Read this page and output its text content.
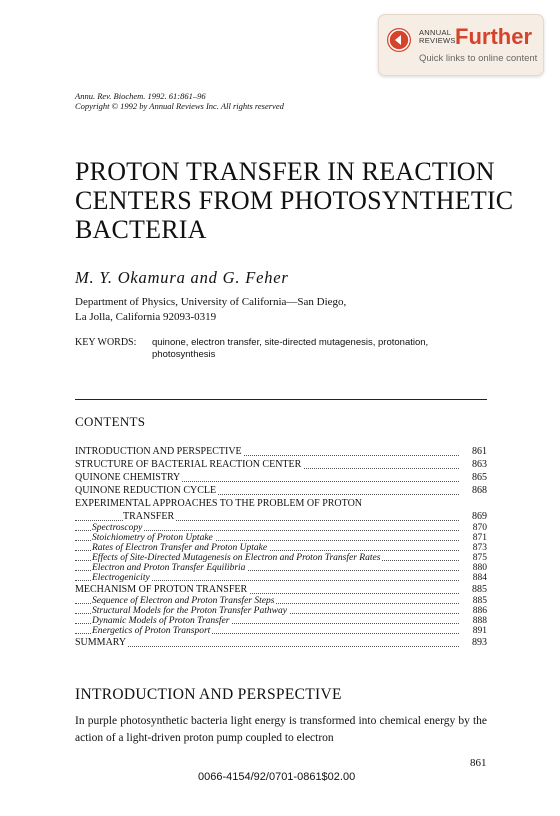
ANNUAL
REVIEWS Further
Quick links to online content
Annu. Rev. Biochem. 1992. 61:861–96
Copyright © 1992 by Annual Reviews Inc. All rights reserved
PROTON TRANSFER IN REACTION
CENTERS FROM PHOTOSYNTHETIC
BACTERIA
M. Y. Okamura and G. Feher
Department of Physics, University of California—San Diego,
La Jolla, California 92093-0319
KEY WORDS: quinone, electron transfer, site-directed mutagenesis, protonation, photosynthesis
CONTENTS
INTRODUCTION AND PERSPECTIVE	861
STRUCTURE OF BACTERIAL REACTION CENTER	863
QUINONE CHEMISTRY	865
QUINONE REDUCTION CYCLE	868
EXPERIMENTAL APPROACHES TO THE PROBLEM OF PROTON
TRANSFER	869
Spectroscopy	870
Stoichiometry of Proton Uptake	871
Rates of Electron Transfer and Proton Uptake	873
Effects of Site-Directed Mutagenesis on Electron and Proton Transfer Rates	875
Electron and Proton Transfer Equilibria	880
Electrogenicity	884
MECHANISM OF PROTON TRANSFER	885
Sequence of Electron and Proton Transfer Steps	885
Structural Models for the Proton Transfer Pathway	886
Dynamic Models of Proton Transfer	888
Energetics of Proton Transport	891
SUMMARY	893
INTRODUCTION AND PERSPECTIVE
In purple photosynthetic bacteria light energy is transformed into chemical energy by the action of a light-driven proton pump coupled to electron
861
0066-4154/92/0701-0861$02.00
